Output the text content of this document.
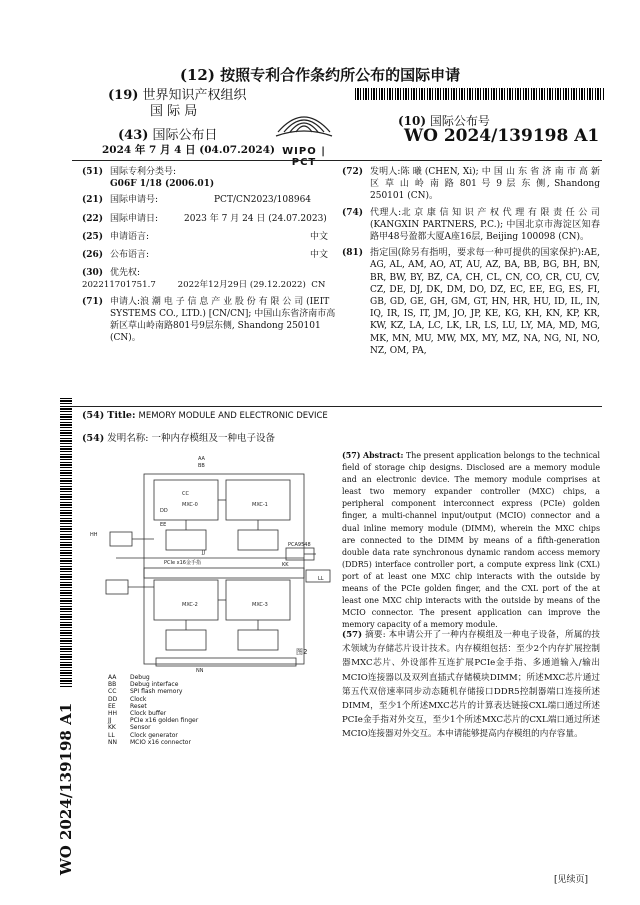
(12) 按照专利合作条约所公布的国际申请
(19) 世界知识产权组织
国 际 局
(43) 国际公布日
2024 年 7 月 4 日 (04.07.2024) WIPO | PCT
(10) 国际公布号
WO 2024/139198 A1
(51) 国际专利分类号:
G06F 1/18 (2006.01)
(21) 国际申请号:	PCT/CN2023/108964
(22) 国际申请日:	2023 年 7 月 24 日 (24.07.2023)
(25) 申请语言:	中文
(26) 公布语言:	中文
(30) 优先权:
202211701751.7        2022年12月29日 (29.12.2022)  CN
(71) 申请人:浪 潮 电 子 信 息 产 业 股 份 有 限 公 司 (IEIT SYSTEMS CO., LTD.) [CN/CN]; 中国山东省济南市高新区草山岭南路801号9层东侧, Shandong 250101 (CN)。
(72) 发明人:陈 曦 (CHEN, Xi); 中 国 山 东 省 济 南 市 高 新 区 草 山 岭 南 路 801 号 9 层 东 侧, Shandong 250101 (CN)。
(74) 代理人:北 京 康 信 知 识 产 权 代 理 有 限 责 任 公 司 (KANGXIN PARTNERS, P.C.); 中国北京市海淀区知春路甲48号盈都大厦A座16层, Beijing 100098 (CN)。
(81) 指定国(除另有指明，要求每一种可提供的国家保护):AE, AG, AL, AM, AO, AT, AU, AZ, BA, BB, BG, BH, BN, BR, BW, BY, BZ, CA, CH, CL, CN, CO, CR, CU, CV, CZ, DE, DJ, DK, DM, DO, DZ, EC, EE, EG, ES, FI, GB, GD, GE, GH, GM, GT, HN, HR, HU, ID, IL, IN, IQ, IR, IS, IT, JM, JO, JP, KE, KG, KH, KN, KP, KR, KW, KZ, LA, LC, LK, LR, LS, LU, LY, MA, MD, MG, MK, MN, MU, MW, MX, MY, MZ, NA, NG, NI, NO, NZ, OM, PA,
(54) Title: MEMORY MODULE AND ELECTRONIC DEVICE
(54) 发明名称: 一种内存模组及一种电子设备
WO 2024/139198 A1
AA
BB
CC
DD
EE
HH
JJ
KK
LL
NN
MXC-0	MXC-1
MXC-2	MXC-3
PCIe x16金手指
PCA9548
图2
AA	Debug
BB	Debug interface
CC	SPI flash memory
DD	Clock
EE	Reset
HH	Clock buffer
JJ	PCIe x16 golden finger
KK	Sensor
LL	Clock generator
NN	MCIO x16 connector
(57) Abstract: The present application belongs to the technical field of storage chip designs. Disclosed are a memory module and an electronic device. The memory module comprises at least two memory expander controller (MXC) chips, a peripheral component interconnect express (PCIe) golden finger, a multi-channel input/output (MCIO) connector and a dual inline memory module (DIMM), wherein the MXC chips are connected to the DIMM by means of a fifth-generation double data rate synchronous dynamic random access memory (DDR5) interface controller port, a compute express link (CXL) port of at least one MXC chip interacts with the outside by means of the PCIe golden finger, and the CXL port of the at least one MXC chip interacts with the outside by means of the MCIO connector. The present application can improve the memory capacity of a memory module.
(57) 摘要: 本申请公开了一种内存模组及一种电子设备，所属的技术领域为存储芯片设计技术。内存模组包括：至少2个内存扩展控制器MXC芯片、外设部件互连扩展PCIe金手指、多通道输入/输出MCIO连接器以及双列直插式存储模块DIMM；所述MXC芯片通过第五代双倍速率同步动态随机存储接口DDR5控制器端口连接所述DIMM，至少1个所述MXC芯片的计算表达链接CXL端口通过所述PCIe金手指对外交互，至少1个所述MXC芯片的CXL端口通过所述MCIO连接器对外交互。本申请能够提高内存模组的内存容量。
[见续页]
